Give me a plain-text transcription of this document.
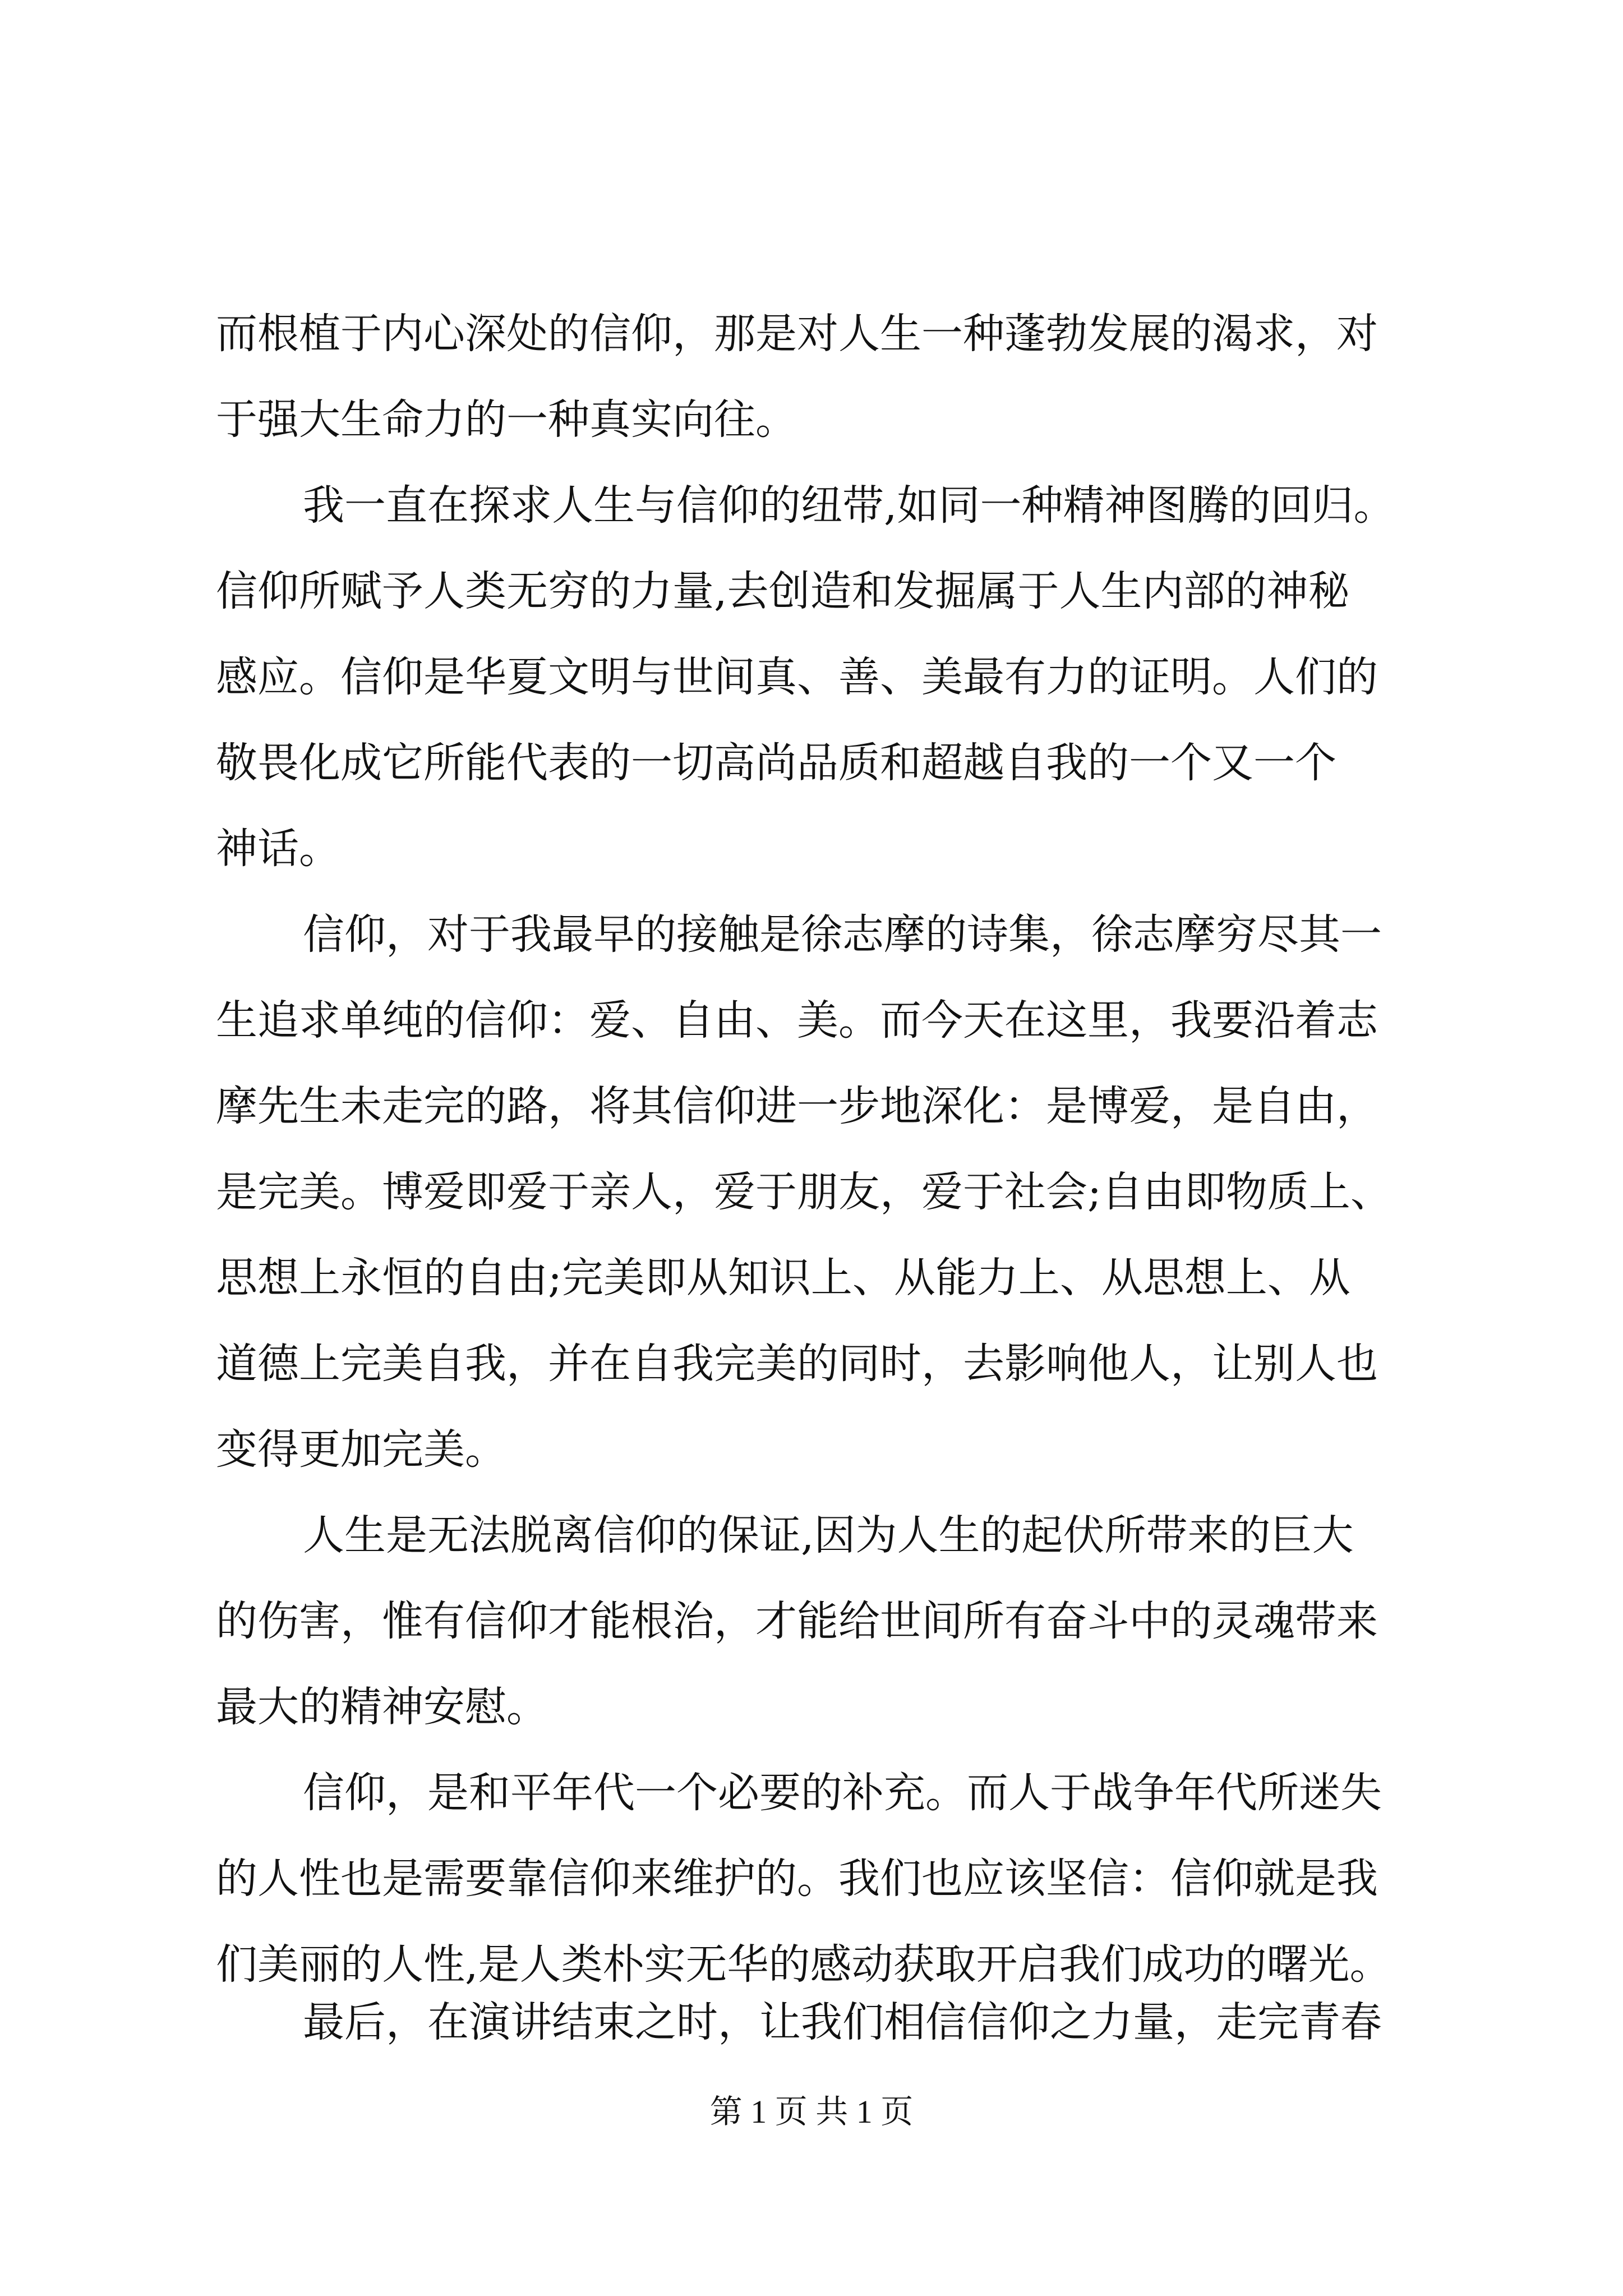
而根植于内心深处的信仰，那是对人生一种蓬勃发展的渴求，对

于强大生命力的一种真实向往。

我一直在探求人生与信仰的纽带,如同一种精神图腾的回归。

信仰所赋予人类无穷的力量,去创造和发掘属于人生内部的神秘

感应。信仰是华夏文明与世间真、善、美最有力的证明。人们的

敬畏化成它所能代表的一切高尚品质和超越自我的一个又一个

神话。

信仰，对于我最早的接触是徐志摩的诗集，徐志摩穷尽其一

生追求单纯的信仰：爱、自由、美。而今天在这里，我要沿着志

摩先生未走完的路，将其信仰进一步地深化：是博爱，是自由，

是完美。博爱即爱于亲人，爱于朋友，爱于社会;自由即物质上、

思想上永恒的自由;完美即从知识上、从能力上、从思想上、从

道德上完美自我，并在自我完美的同时，去影响他人，让别人也

变得更加完美。

人生是无法脱离信仰的保证,因为人生的起伏所带来的巨大

的伤害，惟有信仰才能根治，才能给世间所有奋斗中的灵魂带来

最大的精神安慰。

信仰，是和平年代一个必要的补充。而人于战争年代所迷失

的人性也是需要靠信仰来维护的。我们也应该坚信：信仰就是我

们美丽的人性,是人类朴实无华的感动获取开启我们成功的曙光。

最后，在演讲结束之时，让我们相信信仰之力量，走完青春

第 1 页 共 1 页
